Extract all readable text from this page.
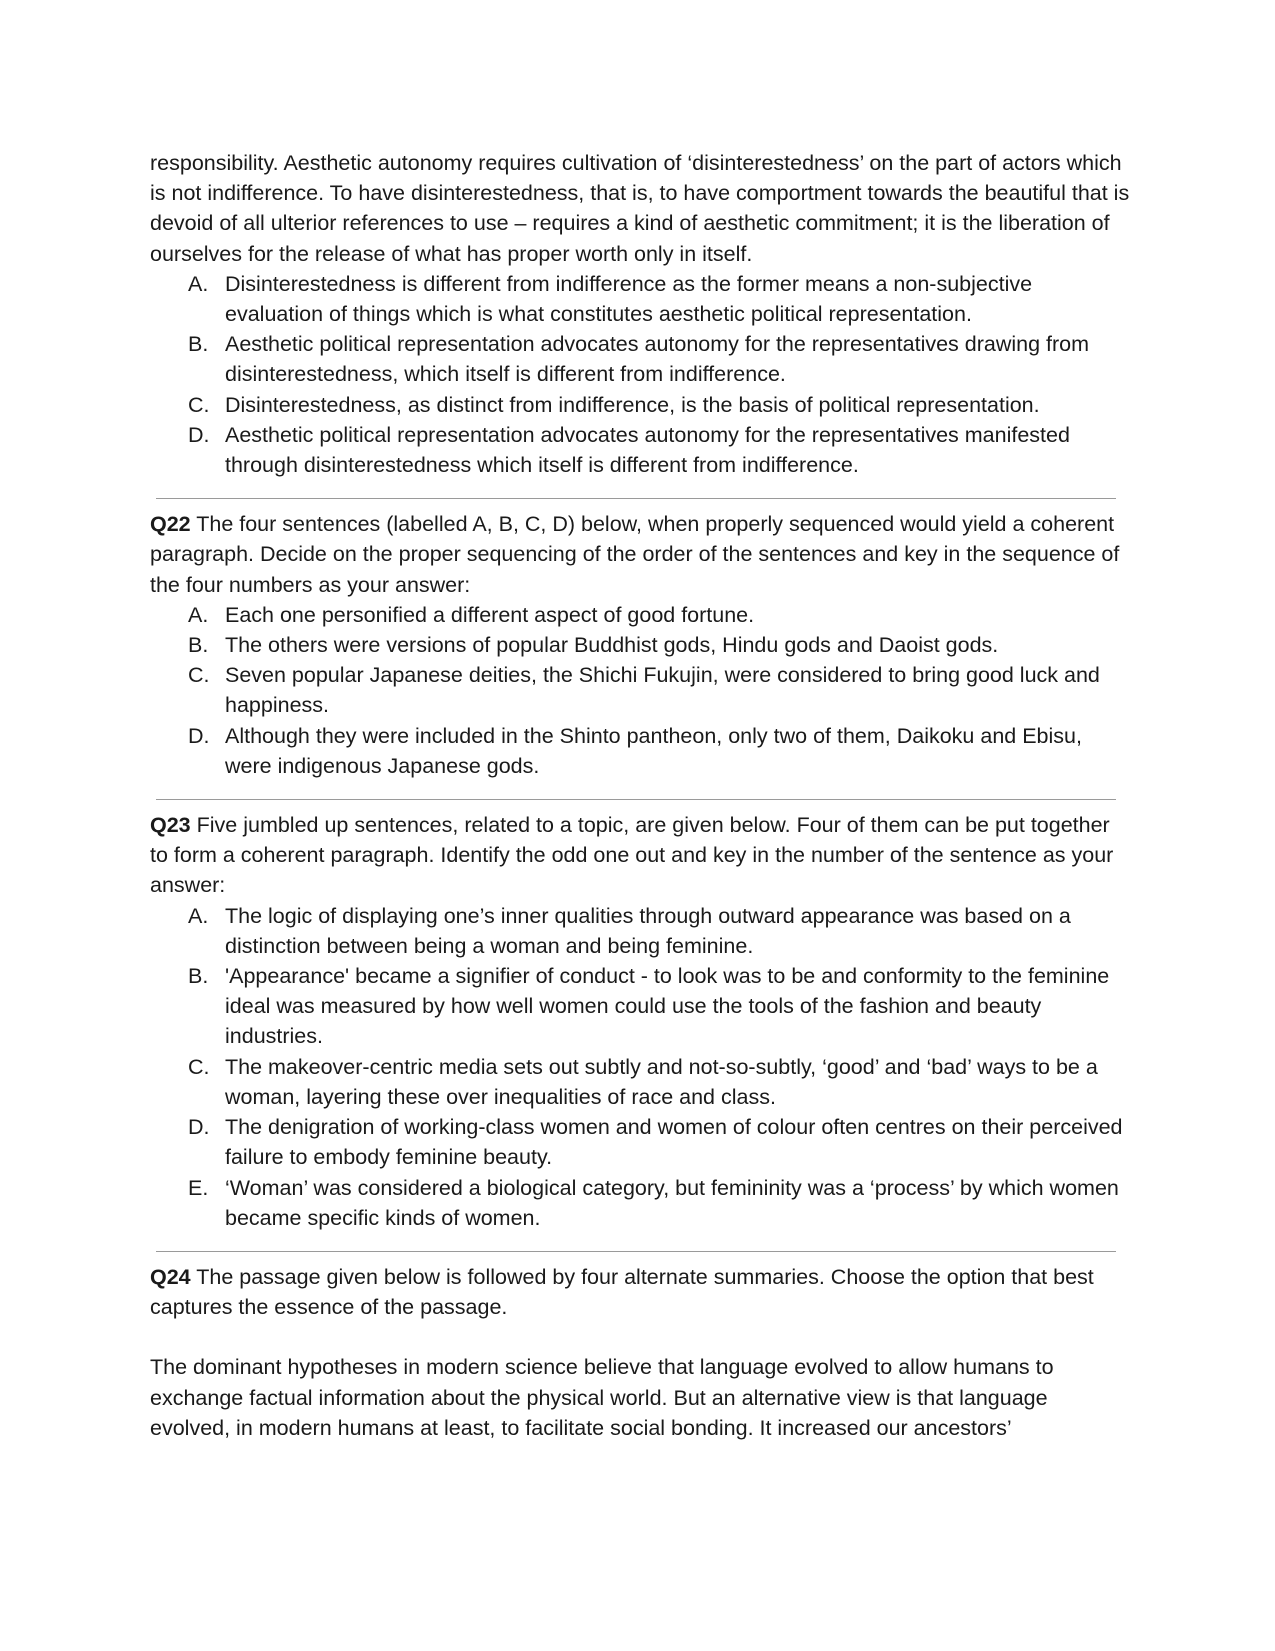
responsibility. Aesthetic autonomy requires cultivation of ‘disinterestedness’ on the part of actors which is not indifference. To have disinterestedness, that is, to have comportment towards the beautiful that is devoid of all ulterior references to use – requires a kind of aesthetic commitment; it is the liberation of ourselves for the release of what has proper worth only in itself.

A. Disinterestedness is different from indifference as the former means a non-subjective evaluation of things which is what constitutes aesthetic political representation.
B. Aesthetic political representation advocates autonomy for the representatives drawing from disinterestedness, which itself is different from indifference.
C. Disinterestedness, as distinct from indifference, is the basis of political representation.
D. Aesthetic political representation advocates autonomy for the representatives manifested through disinterestedness which itself is different from indifference.

Q22 The four sentences (labelled A, B, C, D) below, when properly sequenced would yield a coherent paragraph. Decide on the proper sequencing of the order of the sentences and key in the sequence of the four numbers as your answer:

A. Each one personified a different aspect of good fortune.
B. The others were versions of popular Buddhist gods, Hindu gods and Daoist gods.
C. Seven popular Japanese deities, the Shichi Fukujin, were considered to bring good luck and happiness.
D. Although they were included in the Shinto pantheon, only two of them, Daikoku and Ebisu, were indigenous Japanese gods.

Q23 Five jumbled up sentences, related to a topic, are given below. Four of them can be put together to form a coherent paragraph. Identify the odd one out and key in the number of the sentence as your answer:

A. The logic of displaying one’s inner qualities through outward appearance was based on a distinction between being a woman and being feminine.
B. 'Appearance' became a signifier of conduct - to look was to be and conformity to the feminine ideal was measured by how well women could use the tools of the fashion and beauty industries.
C. The makeover-centric media sets out subtly and not-so-subtly, ‘good’ and ‘bad’ ways to be a woman, layering these over inequalities of race and class.
D. The denigration of working-class women and women of colour often centres on their perceived failure to embody feminine beauty.
E. ‘Woman’ was considered a biological category, but femininity was a ‘process’ by which women became specific kinds of women.

Q24 The passage given below is followed by four alternate summaries. Choose the option that best captures the essence of the passage.

The dominant hypotheses in modern science believe that language evolved to allow humans to exchange factual information about the physical world. But an alternative view is that language evolved, in modern humans at least, to facilitate social bonding. It increased our ancestors’
